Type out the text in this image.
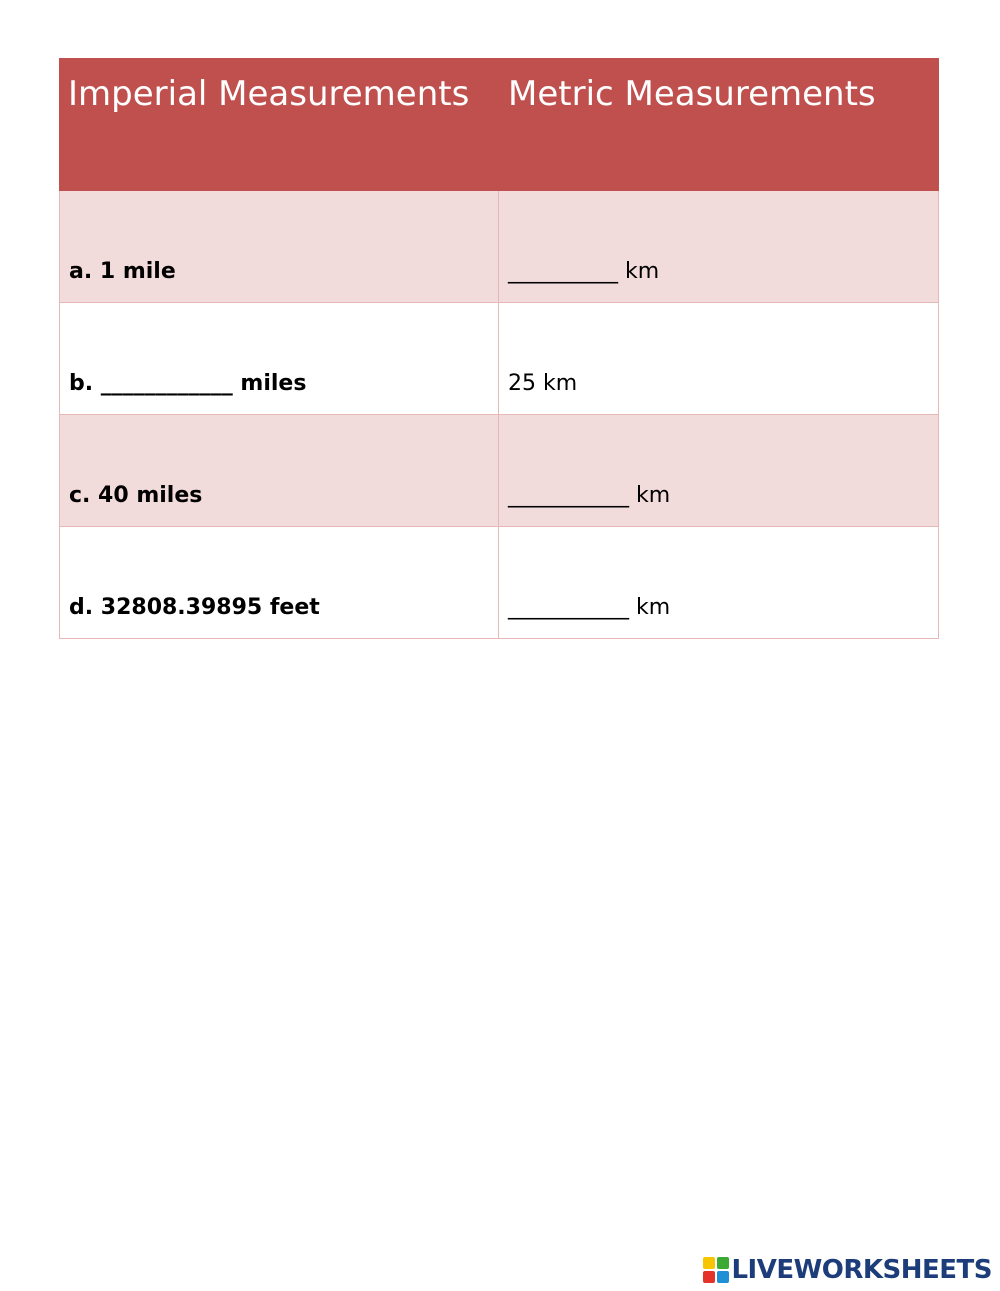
Imperial Measurements	Metric Measurements
a. 1 mile	__________ km
b. ____________ miles	25 km
c. 40 miles	___________ km
d. 32808.39895 feet	___________ km
LIVEWORKSHEETS
